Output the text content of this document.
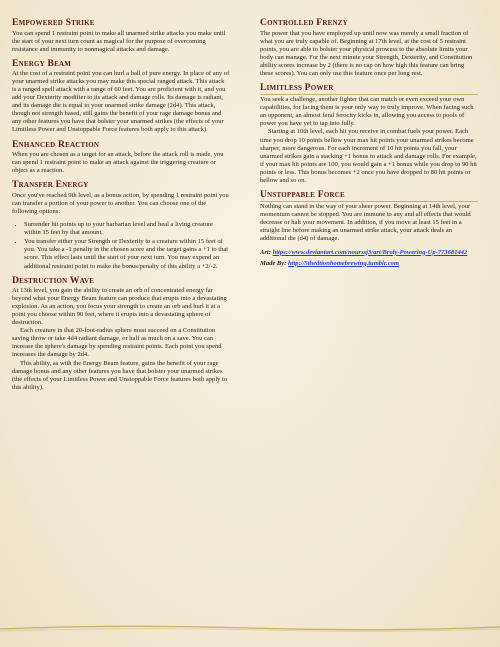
Empowered Strike

You can spend 1 restraint point to make all unarmed strike attacks you make until the start of your next turn count as magical for the purpose of overcoming resistance and immunity to nonmagical attacks and damage.

Energy Beam

At the cost of a restraint point you can hurl a ball of pure energy. In place of any of your unarmed strike attacks you may make this special ranged attack. This attack is a ranged spell attack with a range of 60 feet. You are proficient with it, and you add your Dexterity modifier to its attack and damage rolls. Its damage is radiant, and its damage die is equal to your unarmed strike damage (2d4). This attack, though not strength based, still gains the benefit of your rage damage bonus and any other features you have that bolster your unarmed strikes (the effects of your Limitless Power and Unstoppable Force features both apply to this attack).

Enhanced Reaction

When you are chosen as a target for an attack, before the attack roll is made, you can spend 1 restraint point to make an attack against the triggering creature or object as a reaction.

Transfer Energy

Once you've reached 9th level, as a bonus action, by spending 1 restraint point you can transfer a portion of your power to another. You can choose one of the following options:

• Surrender hit points up to your barbarian level and heal a living creature within 15 feet by that amount.
• You transfer either your Strength or Dexterity to a creature within 15 feet of you. You take a -1 penalty in the chosen score and the target gains a +1 to that score. This effect lasts until the start of your next turn. You may expend an additional restraint point to make the bonus/penalty of this ability a +2/-2.
Destruction Wave

At 13th level, you gain the ability to create an orb of concentrated energy far beyond what your Energy Beam feature can produce that erupts into a devastating explosion. As an action, you focus your strength to create an orb and hurl it at a point you choose within 90 feet, where it erupts into a devastating sphere of destruction.

Each creature in that 20-foot-radius sphere must succeed on a Constitution saving throw or take 4d4 radiant damage, or half as much on a save. You can increase the sphere's damage by spending restraint points. Each point you spend increases the damage by 2d4.

This ability, as with the Energy Beam feature, gains the benefit of your rage damage bonus and any other features you have that bolster your unarmed strikes (the effects of your Limitless Power and Unstoppable Force features both apply to this ability).

Controlled Frenzy

The power that you have employed up until now was merely a small fraction of what you are truly capable of. Beginning at 17th level, at the cost of 5 restraint points, you are able to bolster your physical prowess to the absolute limits your body can manage. For the next minute your Strength, Dexterity, and Constitution ability scores increase by 2 (there is no cap on how high this feature can bring these scores). You can only use this feature once per long rest.

Limitless Power

You seek a challenge, another fighter that can match or even exceed your own capabilities, for facing them is your only way to truly improve. When facing such an opponent, an almost feral ferocity kicks in, allowing you access to pools of power you have yet to tap into fully.

Starting at 10th level, each hit you receive in combat fuels your power. Each time you drop 10 points bellow your max hit points your unarmed strikes become sharper, more dangerous. For each increment of 10 hit points you fall, your unarmed strikes gain a stacking +1 bonus to attack and damage rolls. For example, if your max hit points are 100, you would gain a +1 bonus while you drop to 90 hit points or less. This bonus becomes +2 once you have dropped to 80 hit points or bellow and so on.

Unstoppable Force

Nothing can stand in the way of your sheer power. Beginning at 14th level, your momentum cannot be stopped. You are immune to any and all effects that would decrease or halt your movement. In addition, if you move at least 15 feet in a straight line before making an unarmed strike attack, your attack deals an additional die (d4) of damage.

Art: https://www.deviantart.com/nourssj3/art/Broly-Powering-Up-773681442

Made By: http://5thedtionhomebrewing.tumblr.com
